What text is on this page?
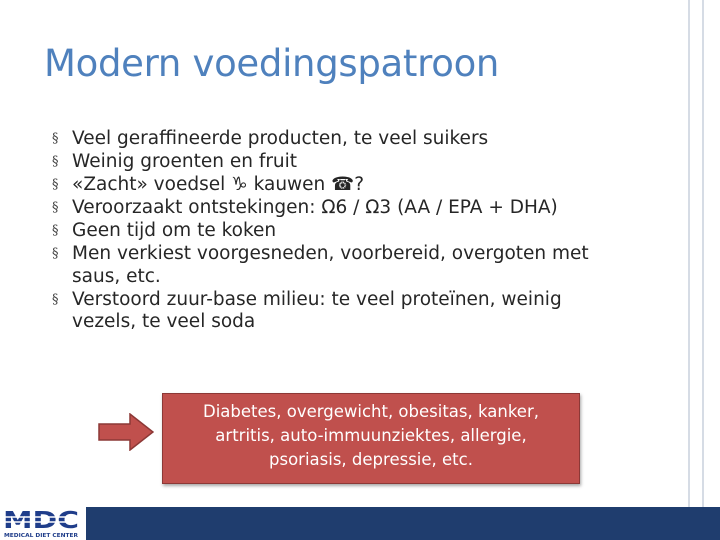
Modern voedingspatroon
§ Veel geraffineerde producten, te veel suikers
§ Weinig groenten en fruit
§ «Zacht» voedsel ♑ kauwen ☎?
§ Veroorzaakt ontstekingen: Ω6 / Ω3 (AA / EPA + DHA)
§ Geen tijd om te koken
§ Men verkiest voorgesneden, voorbereid, overgoten met
saus, etc.
§ Verstoord zuur-base milieu: te veel proteïnen, weinig
vezels, te veel soda
Diabetes, overgewicht, obesitas, kanker,
artritis, auto-immuunziektes, allergie,
psoriasis, depressie, etc.
MDC
MEDICAL DIET CENTER
